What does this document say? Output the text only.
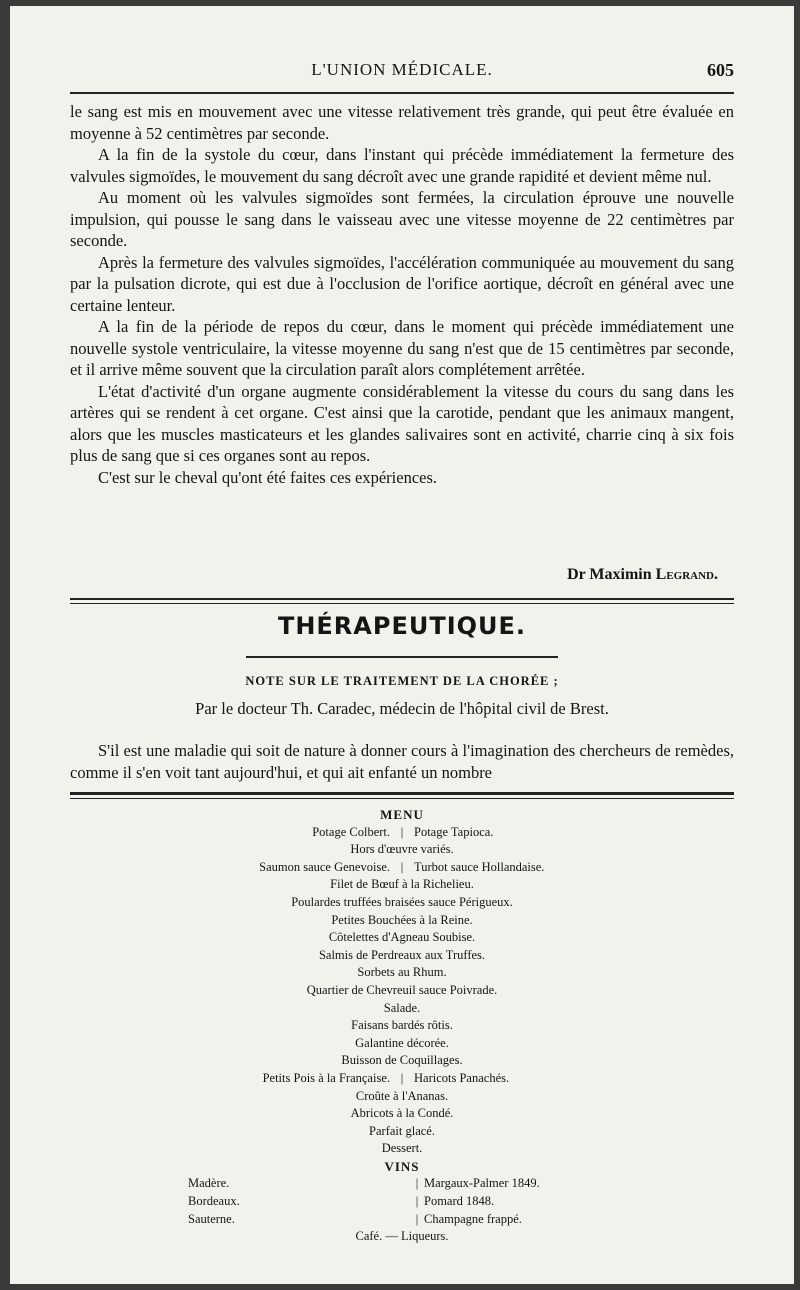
L'UNION MÉDICALE.	605

le sang est mis en mouvement avec une vitesse relativement très grande, qui peut être évaluée en moyenne à 52 centimètres par seconde.

A la fin de la systole du cœur, dans l'instant qui précède immédiatement la fermeture des valvules sigmoïdes, le mouvement du sang décroît avec une grande rapidité et devient même nul.

Au moment où les valvules sigmoïdes sont fermées, la circulation éprouve une nouvelle impulsion, qui pousse le sang dans le vaisseau avec une vitesse moyenne de 22 centimètres par seconde.

Après la fermeture des valvules sigmoïdes, l'accélération communiquée au mouvement du sang par la pulsation dicrote, qui est due à l'occlusion de l'orifice aortique, décroît en général avec une certaine lenteur.

A la fin de la période de repos du cœur, dans le moment qui précède immédiatement une nouvelle systole ventriculaire, la vitesse moyenne du sang n'est que de 15 centimètres par seconde, et il arrive même souvent que la circulation paraît alors complétement arrêtée.

L'état d'activité d'un organe augmente considérablement la vitesse du cours du sang dans les artères qui se rendent à cet organe. C'est ainsi que la carotide, pendant que les animaux mangent, alors que les muscles masticateurs et les glandes salivaires sont en activité, charrie cinq à six fois plus de sang que si ces organes sont au repos.

C'est sur le cheval qu'ont été faites ces expériences.

Dr Maximin Legrand.
THÉRAPEUTIQUE.
NOTE SUR LE TRAITEMENT DE LA CHORÉE ;
Par le docteur Th. Caradec, médecin de l'hôpital civil de Brest.

S'il est une maladie qui soit de nature à donner cours à l'imagination des chercheurs de remèdes, comme il s'en voit tant aujourd'hui, et qui ait enfanté un nombre

MENU
Potage Colbert. | Potage Tapioca.
Hors d'œuvre variés.
Saumon sauce Genevoise. | Turbot sauce Hollandaise.
Filet de Bœuf à la Richelieu.
Poulardes truffées braisées sauce Périgueux.
Petites Bouchées à la Reine.
Côtelettes d'Agneau Soubise.
Salmis de Perdreaux aux Truffes.
Sorbets au Rhum.
Quartier de Chevreuil sauce Poivrade.
Salade.
Faisans bardés rôtis.
Galantine décorée.
Buisson de Coquillages.
Petits Pois à la Française. | Haricots Panachés.
Croûte à l'Ananas.
Abricots à la Condé.
Parfait glacé.
Dessert.
VINS
Madère.	| Margaux-Palmer 1849.
Bordeaux.	| Pomard 1848.
Sauterne.	| Champagne frappé.
Café. — Liqueurs.
